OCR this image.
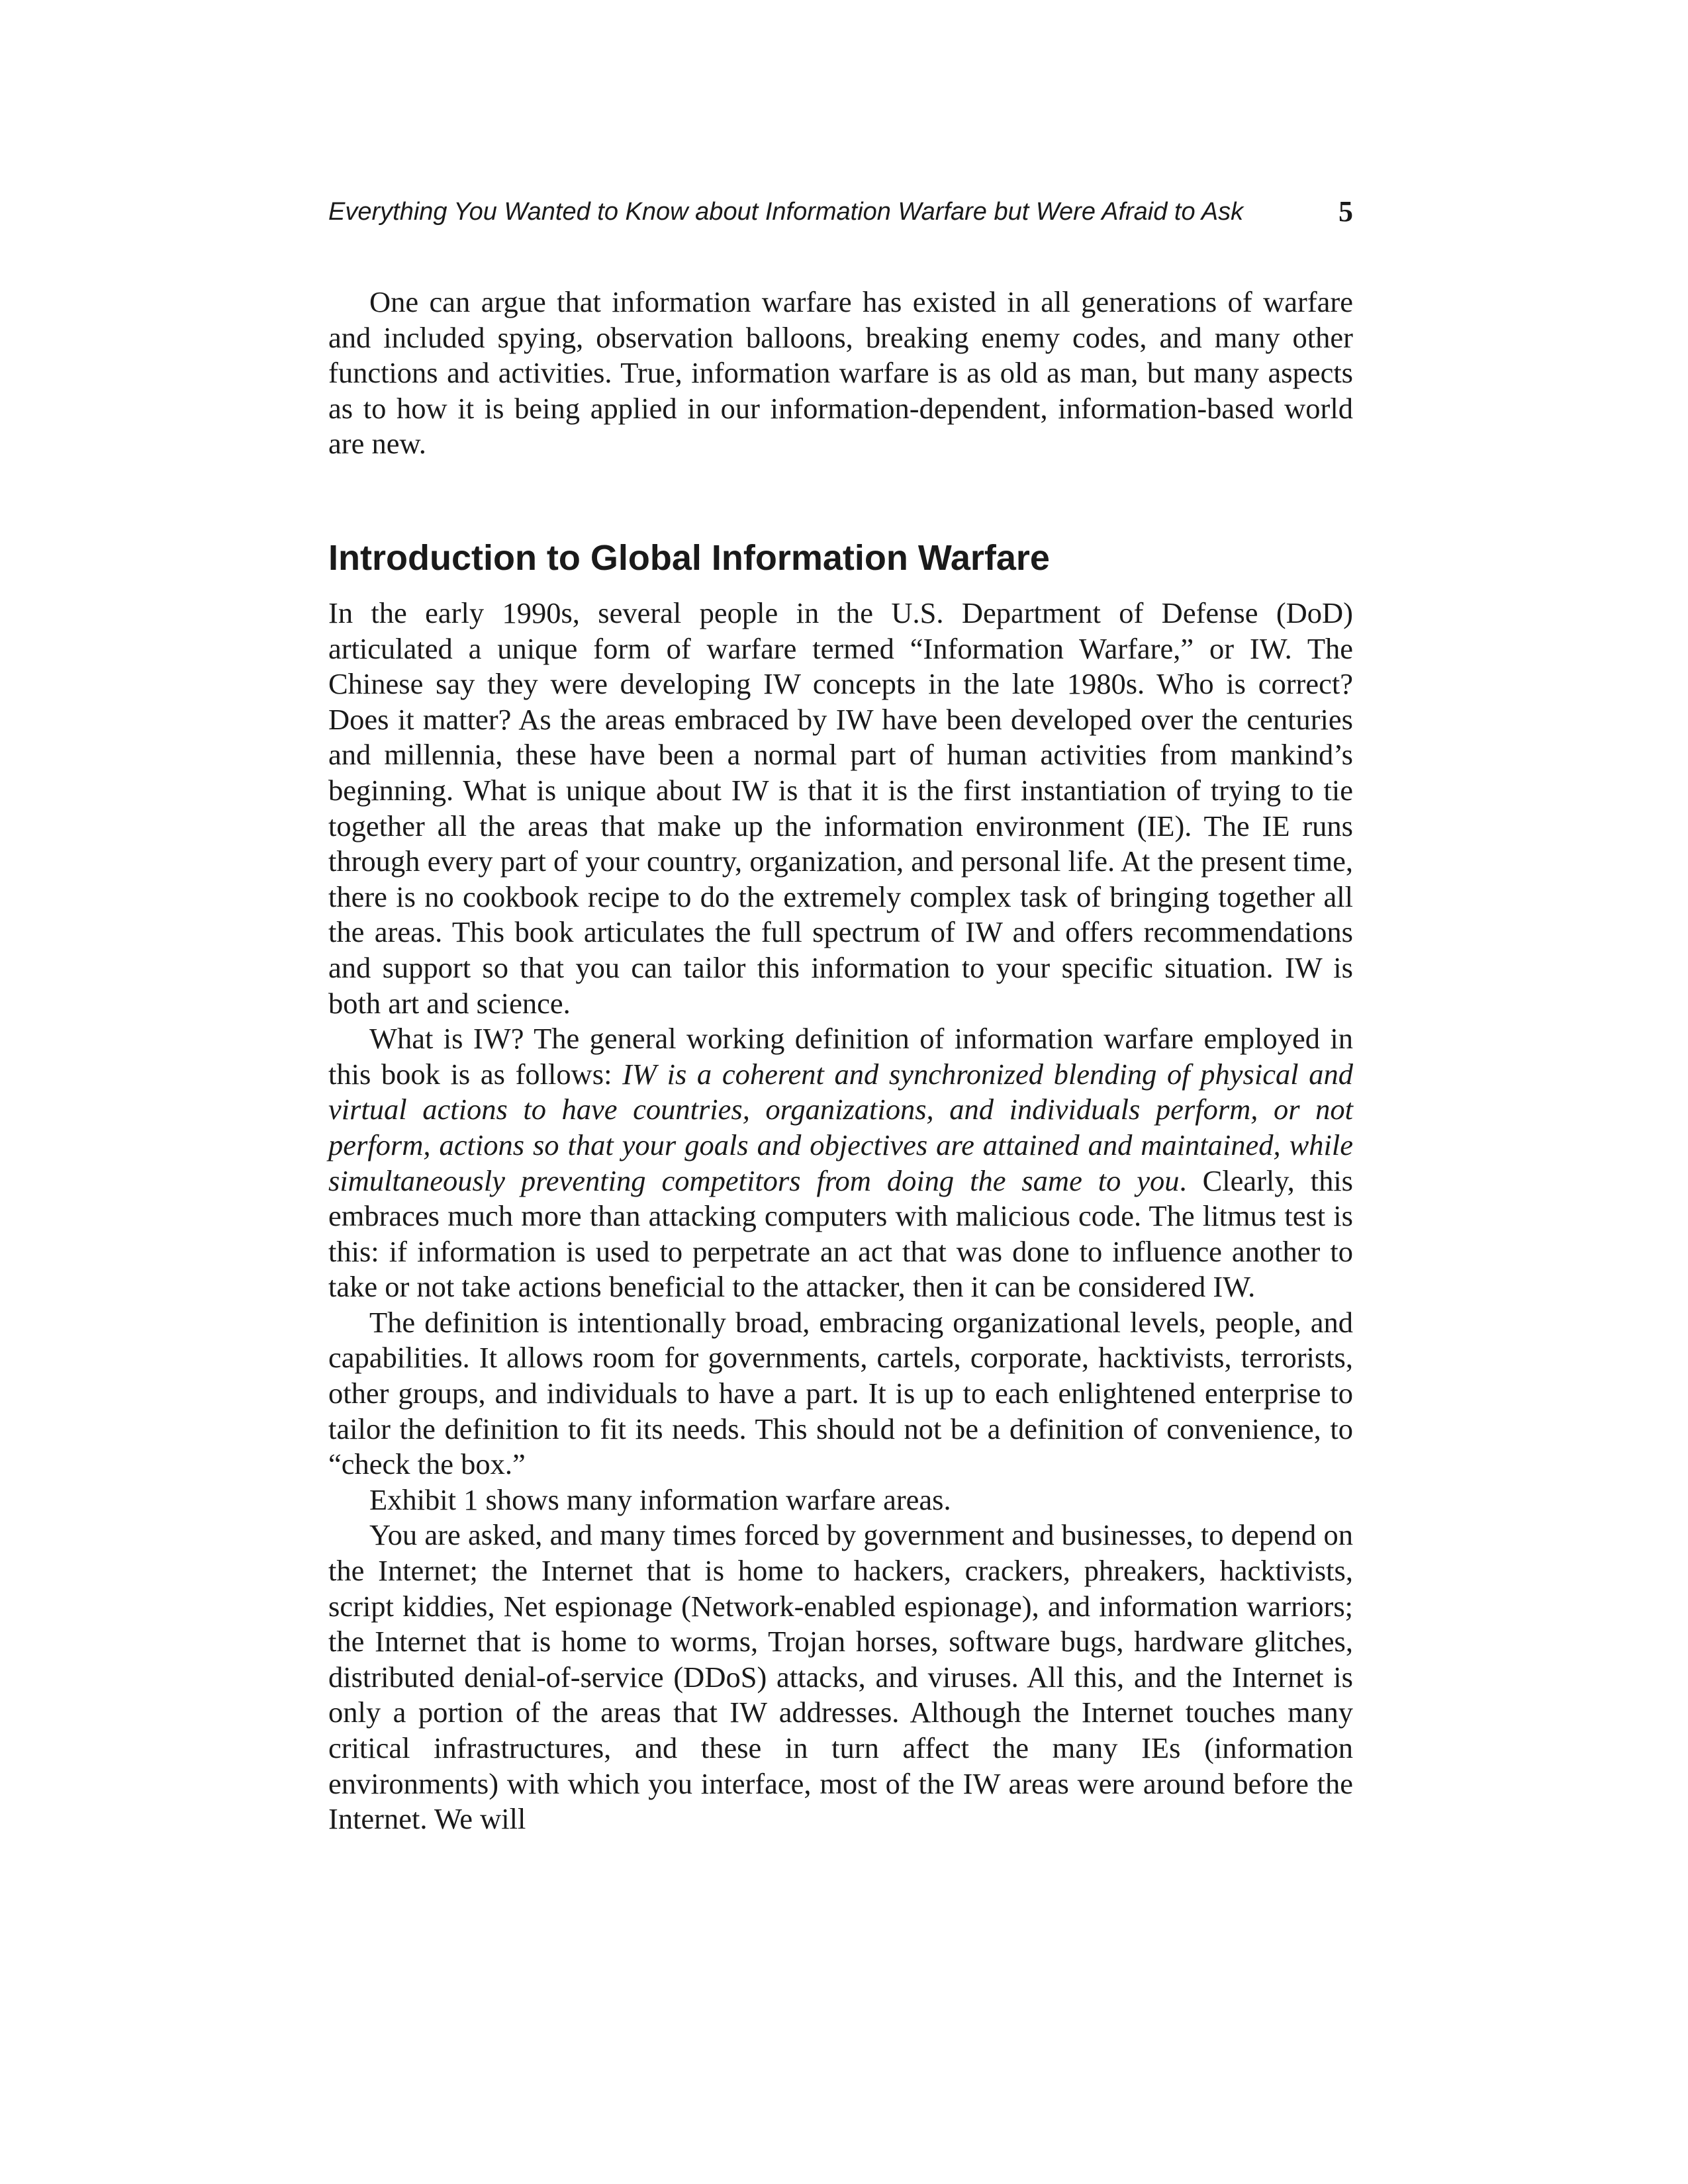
Everything You Wanted to Know about Information Warfare but Were Afraid to Ask	5

One can argue that information warfare has existed in all generations of warfare and included spying, observation balloons, breaking enemy codes, and many other functions and activities. True, information warfare is as old as man, but many aspects as to how it is being applied in our information-dependent, information-based world are new.

Introduction to Global Information Warfare

In the early 1990s, several people in the U.S. Department of Defense (DoD) articulated a unique form of warfare termed “Information Warfare,” or IW. The Chinese say they were developing IW concepts in the late 1980s. Who is correct? Does it matter? As the areas embraced by IW have been developed over the centuries and millennia, these have been a normal part of human activities from mankind’s beginning. What is unique about IW is that it is the first instantiation of trying to tie together all the areas that make up the information environment (IE). The IE runs through every part of your country, organization, and personal life. At the present time, there is no cookbook recipe to do the extremely complex task of bringing together all the areas. This book articulates the full spectrum of IW and offers recommendations and support so that you can tailor this information to your specific situation. IW is both art and science.

What is IW? The general working definition of information warfare employed in this book is as follows: IW is a coherent and synchronized blending of physical and virtual actions to have countries, organizations, and individuals perform, or not perform, actions so that your goals and objectives are attained and maintained, while simultaneously preventing competitors from doing the same to you. Clearly, this embraces much more than attacking computers with malicious code. The litmus test is this: if information is used to perpetrate an act that was done to influence another to take or not take actions beneficial to the attacker, then it can be considered IW.

The definition is intentionally broad, embracing organizational levels, people, and capabilities. It allows room for governments, cartels, corporate, hacktivists, terrorists, other groups, and individuals to have a part. It is up to each enlightened enterprise to tailor the definition to fit its needs. This should not be a definition of convenience, to “check the box.”

Exhibit 1 shows many information warfare areas.

You are asked, and many times forced by government and businesses, to depend on the Internet; the Internet that is home to hackers, crackers, phreakers, hacktivists, script kiddies, Net espionage (Network-enabled espionage), and information warriors; the Internet that is home to worms, Trojan horses, software bugs, hardware glitches, distributed denial-of-service (DDoS) attacks, and viruses. All this, and the Internet is only a portion of the areas that IW addresses. Although the Internet touches many critical infrastructures, and these in turn affect the many IEs (information environments) with which you interface, most of the IW areas were around before the Internet. We will
